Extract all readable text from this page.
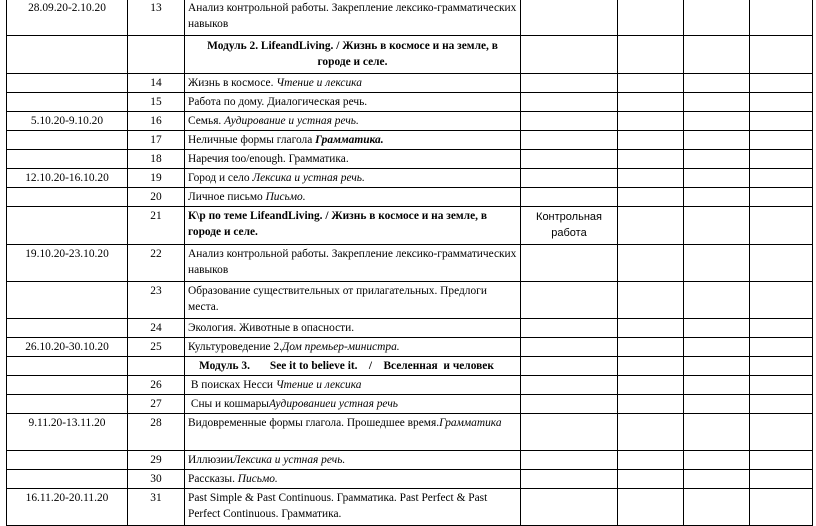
28.09.20-2.10.20	13	Анализ контрольной работы. Закрепление лексико-грамматических навыков				
		Модуль 2. LifeandLiving. / Жизнь в космосе и на земле, в городе и селе.				
	14	Жизнь в космосе. Чтение и лексика				
	15	Работа по дому. Диалогическая речь.				
5.10.20-9.10.20	16	Семья. Аудирование и устная речь.				
	17	Неличные формы глагола Грамматика.				
	18	Наречия too/enough. Грамматика.				
12.10.20-16.10.20	19	Город и село Лексика и устная речь.				
	20	Личное письмо Письмо.				
	21	К\р по теме LifeandLiving. / Жизнь в космосе и на земле, в городе и селе.	Контрольная работа			
19.10.20-23.10.20	22	Анализ контрольной работы. Закрепление лексико-грамматических навыков				
	23	Образование существительных от прилагательных. Предлоги места.				
	24	Экология. Животные в опасности.				
26.10.20-30.10.20	25	Культуроведение 2.Дом премьер-министра.				
		Модуль 3.       See it to believe it.    /    Вселенная  и человек				
	26	В поисках Несси Чтение и лексика				
	27	Сны и кошмарыАудированиеи устная речь				
9.11.20-13.11.20	28	Видовременные формы глагола. Прошедшее время.Грамматика				
	29	ИллюзииЛексика и устная речь.				
	30	Рассказы. Письмо.				
16.11.20-20.11.20	31	Past Simple & Past Continuous. Грамматика. Past Perfect & Past Perfect Continuous. Грамматика.				
